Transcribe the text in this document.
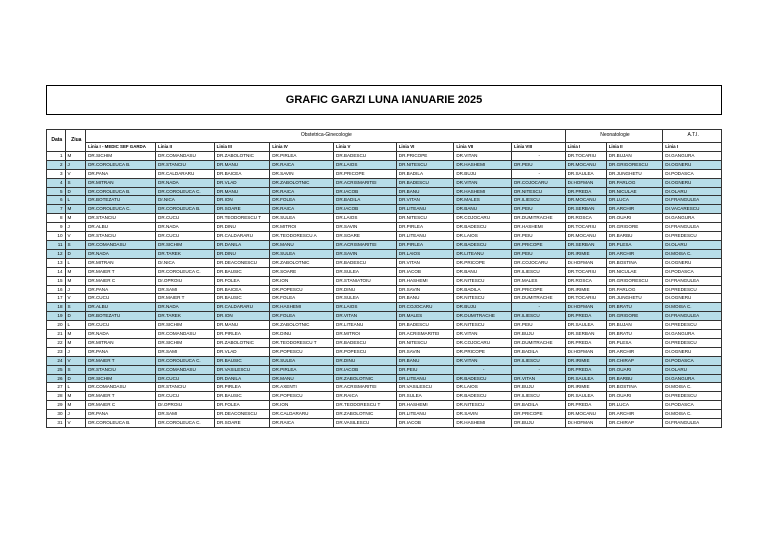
GRAFIC GARZI LUNA IANUARIE 2025
Data	Ziua	Obstetrica-Ginecologie								Neonatologie		A.T.I.
		Linia I - MEDIC SEF GARDA	Linia II	Linia III	Linia IV	Linia V	Linia VI	Linia VII	Linia VIII	Linia I	Linia II	Linia I
1	M	DR.SICHIM	DR.COMANDASU	DR.ZABOLOTNIC	DR.PIRLEA	DR.BADESCU	DR.PRICOPE	DR.VITAN	-	DR.TOCARIU	DR.BUJAN	Dr.GANGURA
2	J	DR.COROLEUCA B.	DR.STANCIU	DR.MANU	DR.RAICA	DR.LAIOS	DR.NITESCU	DR.HASHEMI	DR.PEIU	DR.MOCANU	DR.GRIGORESCU	Dr.OGNERU
3	V	DR.PANA	DR.CALDARARU	DR.BAICEA	DR.SAVIN	DR.PRICOPE	DR.BADILA	DR.BUJU	-	DR.SAULEA	DR.JUNGHETU	Dr.PODASCA
4	S	DR.MITRAN	DR.NADA	DR.VLAD	DR.ZABOLOTNIC	DR.ACRISMARITEI	DR.BADESCU	DR.VITAN	DR.COJOCARU	Dr.HOFMAN	DR.PARLOG	Dr.OGNERU
5	D	DR.COROLEUCA B.	DR.COROLEUCA C.	DR.MANU	DR.RAICA	DR.IACOB	DR.BANU	DR.HASHEMI	DR.NITESCU	DR.PREDA	DR.NICULAE	Dr.OLARU
6	L	DR.BOTEZATU	Dr.NICA	DR.ION	DR.FOLEA	DR.BADILA	DR.VITAN	DR.MALES	DR.ILIESCU	DR.MOCANU	DR.LUCA	Dr.FRANGULEA
7	M	DR.COROLEUCA C.	DR.COROLEUCA B.	DR.SOARE	DR.RAICA	DR.IACOB	DR.LITEANU	DR.BANU	DR.PEIU	DR.SERBAN	DR.ARCHIR	Dr.VACARESCU
8	M	DR.STANCIU	DR.CUCU	DR.TEODORESCU T	DR.SULEA	DR.LAIOS	DR.NITESCU	DR.COJOCARU	DR.DUMITRACHE	DR.ROSCA	DR.OUARI	Dr.GANGURA
9	J	DR.ALBU	DR.NADA	DR.DINU	DR.MITROI	DR.SAVIN	DR.PIRLEA	DR.BADESCU	DR.HASHEMI	DR.TOCARIU	DR.GRIGORE	Dr.FRANGULEA
10	V	DR.STANCIU	DR.CUCU	DR.CALDARARU	DR.TEODORESCU A	DR.SOARE	DR.LITEANU	DR.LAIOS	DR.PEIU	DR.MOCANU	DR.BARBU	Dr.PREDESCU
11	S	DR.COMANDASU	DR.SICHIM	DR.DANILA	DR.MANU	DR.ACRISMARITEI	DR.PIRLEA	DR.BADESCU	DR.PRICOPE	DR.SERBAN	DR.PLESA	Dr.OLARU
12	D	DR.NADA	DR.TAREK	DR.DINU	DR.SULEA	DR.SAVIN	DR.LAIOS	DR.LITEANU	DR.PEIU	DR.IRIMIE	DR.ARCHIR	Dr.MOISA C.
13	L	DR.MITRAN	Dr.NICA	DR.DEACONESCU	DR.ZABOLOTNIC	DR.BADESCU	DR.VITAN	DR.PRICOPE	DR.COJOCARU	Dr.HOFMAN	DR.BOSTINA	Dr.OGNERU
14	M	DR.MAIER T	DR.COROLEUCA C.	DR.BAUSIC	DR.SOARE	DR.SULEA	DR.IACOB	DR.BANU	DR.ILIESCU	DR.TOCARIU	DR.NICULAE	Dr.PODASCA
15	M	DR.MAIER C	Dr.OPROIU	DR.FOLEA	DR.ION	DR.STANIATOIU	DR.HASHEMI	DR.NITESCU	DR.MALES	DR.ROSCA	DR.GRIGORESCU	Dr.FRANGULEA
16	J	DR.PANA	DR.SAMI	DR.BAICEA	DR.POPESCU	DR.DINU	DR.SAVIN	DR.BADILA	DR.PRICOPE	DR.IRIMIE	DR.PARLOG	Dr.PREDESCU
17	V	DR.CUCU	DR.MAIER T	DR.BAUSIC	DR.FOLEA	DR.SULEA	DR.BANU	DR.NITESCU	DR.DUMITRACHE	DR.TOCARIU	DR.JUNGHETU	Dr.OGNERU
18	S	DR.ALBU	DR.NADA	DR.CALDARARU	DR.HASHEMI	DR.LAIOS	DR.COJOCARU	DR.BUJU	-	Dr.HOFMAN	DR.BRATU	Dr.MOISA C.
19	D	DR.BOTEZATU	DR.TAREK	DR.ION	DR.FOLEA	DR.VITAN	DR.MALES	DR.DUMITRACHE	DR.ILIESCU	DR.PREDA	DR.GRIGORE	Dr.FRANGULEA
20	L	DR.CUCU	DR.SICHIM	DR.MANU	DR.ZABOLOTNIC	DR.LITEANU	DR.BADESCU	DR.NITESCU	DR.PEIU	DR.SAULEA	DR.BUJAN	Dr.PREDESCU
21	M	DR.NADA	DR.COMANDASU	DR.PIRLEA	DR.DINU	DR.MITROI	DR.ACRISMARITEI	DR.VITAN	DR.BUJU	DR.SERBAN	DR.BRATU	Dr.GANGURA
22	M	DR.MITRAN	DR.SICHIM	DR.ZABOLOTNIC	DR.TEODORESCU T	DR.BADESCU	DR.NITESCU	DR.COJOCARU	DR.DUMITRACHE	DR.PREDA	DR.PLESA	Dr.PREDESCU
23	J	DR.PANA	DR.SAMI	DR.VLAD	DR.POPESCU	DR.POPESCU	DR.SAVIN	DR.PRICOPE	DR.BADILA	Dr.HOFMAN	DR.ARCHIR	Dr.OGNERU
24	V	DR.MAIER T	DR.COROLEUCA C.	DR.BAUSIC	DR.SULEA	DR.DINU	DR.BANU	DR.VITAN	DR.ILIESCU	DR.IRIMIE	DR.CHIRAP	Dr.PODASCA
25	S	DR.STANCIU	DR.COMANDASU	DR.VASILESCU	DR.PIRLEA	DR.IACOB	DR.PEIU	-	-	DR.PREDA	DR.OUARI	Dr.OLARU
26	D	DR.SICHIM	DR.CUCU	DR.DANILA	DR.MANU	DR.ZABOLOTNIC	DR.LITEANU	DR.BADESCU	DR.VITAN	DR.SAULEA	DR.BARBU	Dr.GANGURA
27	L	DR.COMANDASU	DR.STANCIU	DR.PIRLEA	DR.AXENTI	DR.ACRISMARITEI	DR.VASILESCU	DR.LAIOS	DR.BUJU	DR.IRIMIE	DR.BOSTINA	Dr.MOISA C.
28	M	DR.MAIER T	DR.CUCU	DR.BAUSIC	DR.POPESCU	DR.RAICA	DR.SULEA	DR.BADESCU	DR.ILIESCU	DR.SAULEA	DR.OUARI	Dr.PREDESCU
29	M	DR.MAIER C	Dr.OPROIU	DR.FOLEA	DR.ION	DR.TEODORESCU T	DR.HASHEMI	DR.NITESCU	DR.BADILA	DR.PREDA	DR.LUCA	Dr.PODASCA
30	J	DR.PANA	DR.SAMI	DR.DEACONESCU	DR.CALDARARU	DR.ZABOLOTNIC	DR.LITEANU	DR.SAVIN	DR.PRICOPE	DR.MOCANU	DR.ARCHIR	Dr.MOISA C.
31	V	DR.COROLEUCA B.	DR.COROLEUCA C.	DR.SOARE	DR.RAICA	DR.VASILESCU	DR.IACOB	DR.HASHEMI	DR.BUJU	Dr.HOFMAN	DR.CHIRAP	Dr.FRANGULEA
